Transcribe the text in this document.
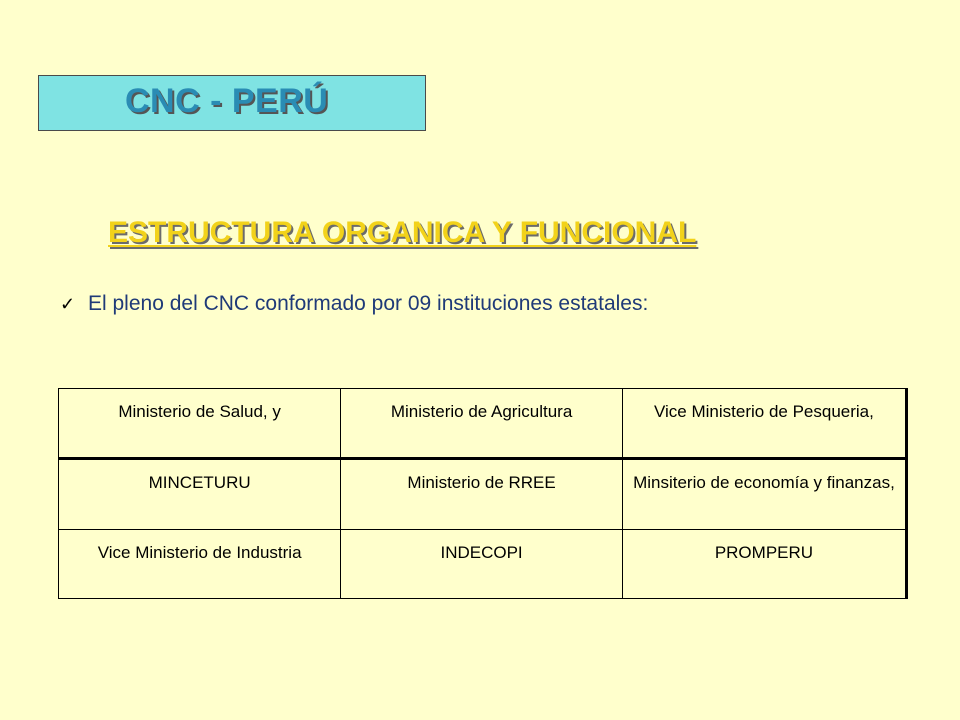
CNC - PERÚ
ESTRUCTURA ORGANICA Y FUNCIONAL
✓ El pleno del CNC conformado por 09 instituciones estatales:
Ministerio de Salud, y	Ministerio de Agricultura	Vice Ministerio de Pesqueria,
MINCETURU	Ministerio de RREE	Minsiterio de economía y finanzas,
Vice Ministerio de Industria	INDECOPI	PROMPERU
